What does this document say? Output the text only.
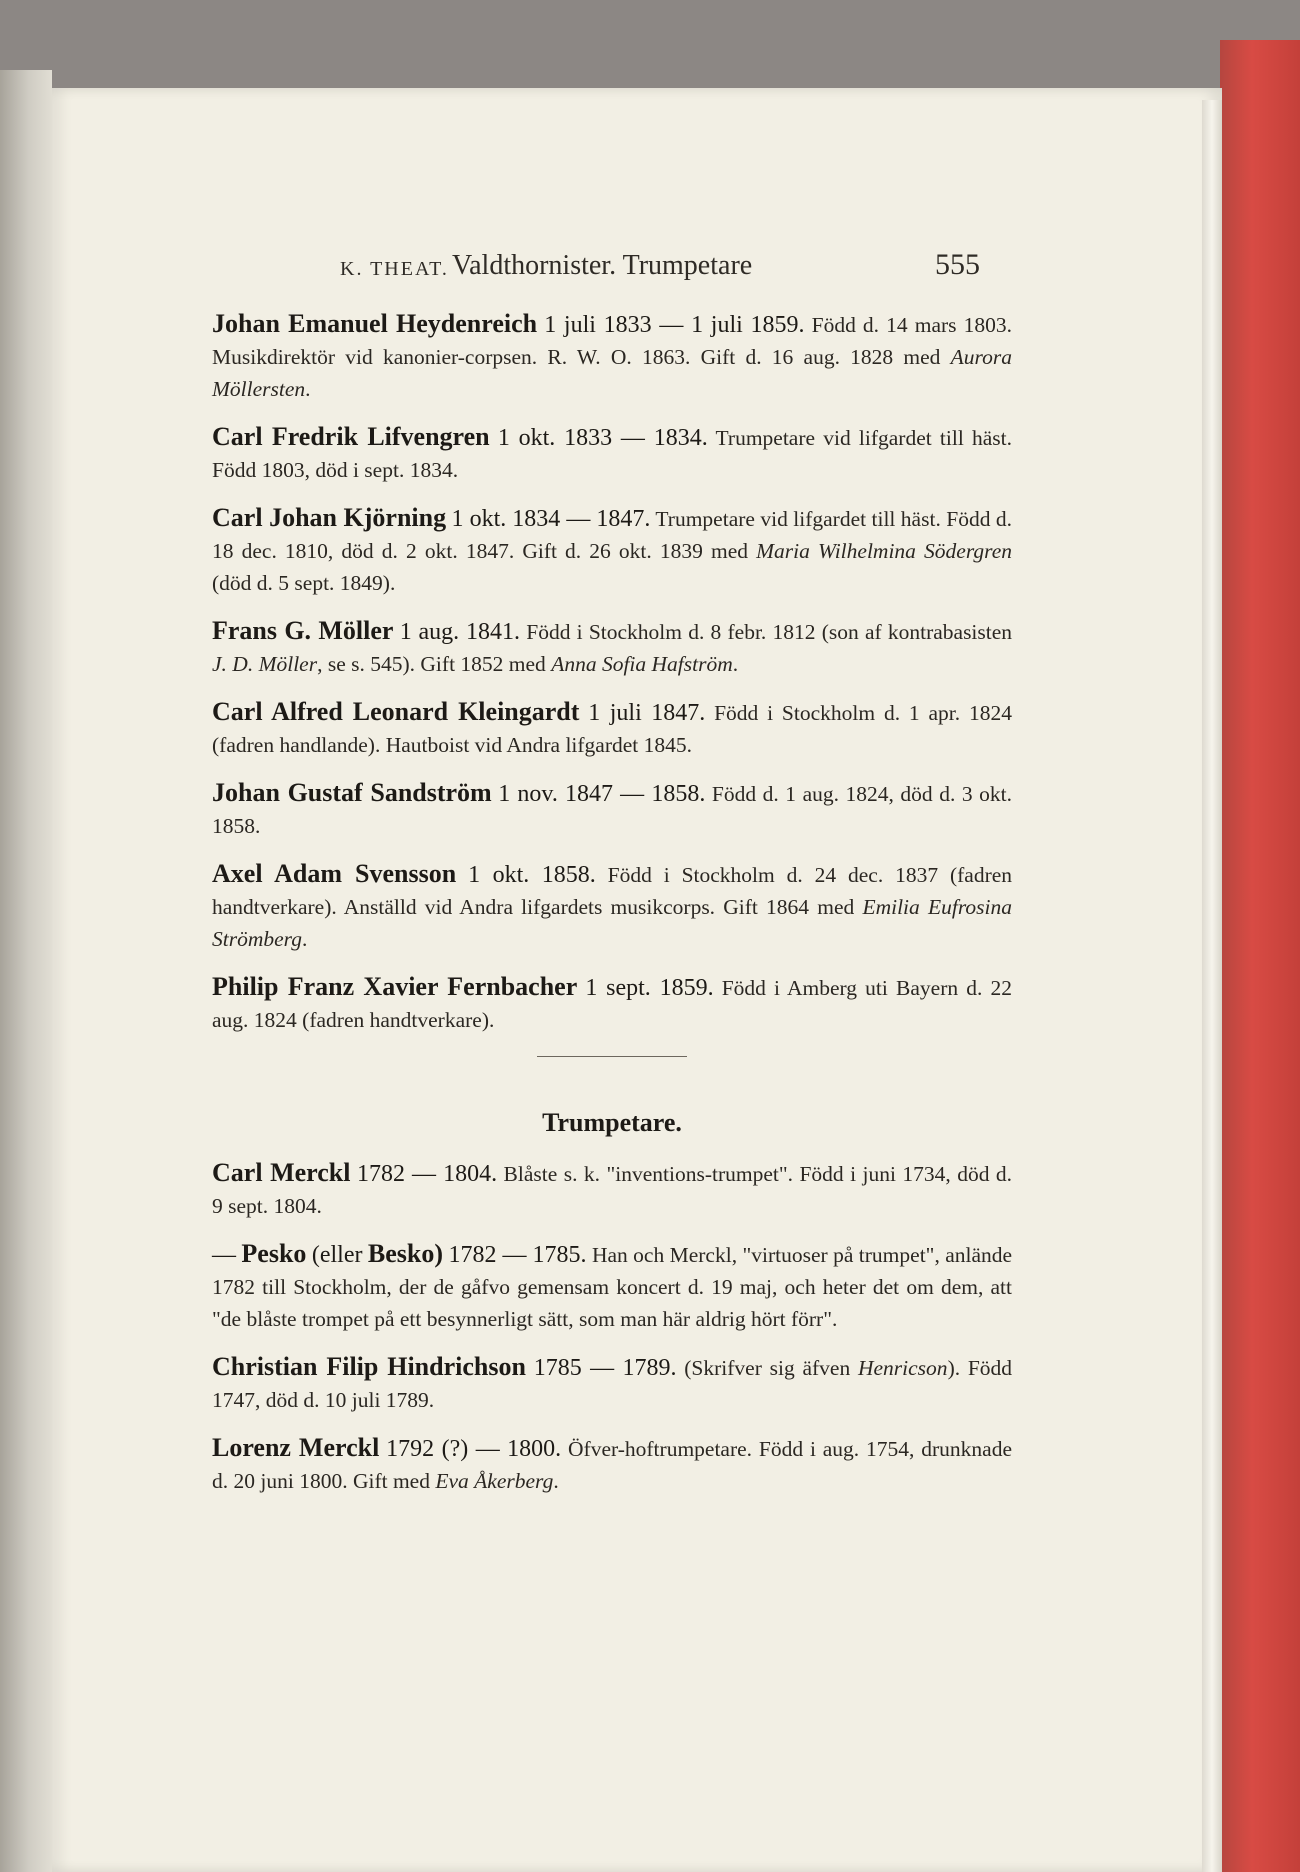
K. THEAT. Valdthornister. Trumpetare	555
Johan Emanuel Heydenreich 1 juli 1833 — 1 juli 1859. Född d. 14 mars 1803. Musikdirektör vid kanonier-corpsen. R. W. O. 1863. Gift d. 16 aug. 1828 med Aurora Möllersten.
Carl Fredrik Lifvengren 1 okt. 1833 — 1834. Trumpetare vid lifgardet till häst. Född 1803, död i sept. 1834.
Carl Johan Kjörning 1 okt. 1834 — 1847. Trumpetare vid lifgardet till häst. Född d. 18 dec. 1810, död d. 2 okt. 1847. Gift d. 26 okt. 1839 med Maria Wilhelmina Södergren (död d. 5 sept. 1849).
Frans G. Möller 1 aug. 1841. Född i Stockholm d. 8 febr. 1812 (son af kontrabasisten J. D. Möller, se s. 545). Gift 1852 med Anna Sofia Hafström.
Carl Alfred Leonard Kleingardt 1 juli 1847. Född i Stockholm d. 1 apr. 1824 (fadren handlande). Hautboist vid Andra lifgardet 1845.
Johan Gustaf Sandström 1 nov. 1847 — 1858. Född d. 1 aug. 1824, död d. 3 okt. 1858.
Axel Adam Svensson 1 okt. 1858. Född i Stockholm d. 24 dec. 1837 (fadren handtverkare). Anställd vid Andra lifgardets musikcorps. Gift 1864 med Emilia Eufrosina Strömberg.
Philip Franz Xavier Fernbacher 1 sept. 1859. Född i Amberg uti Bayern d. 22 aug. 1824 (fadren handtverkare).
Trumpetare.
Carl Merckl 1782 — 1804. Blåste s. k. "inventions-trumpet". Född i juni 1734, död d. 9 sept. 1804.
— Pesko (eller Besko) 1782 — 1785. Han och Merckl, "virtuoser på trumpet", anlände 1782 till Stockholm, der de gåfvo gemensam koncert d. 19 maj, och heter det om dem, att "de blåste trompet på ett besynnerligt sätt, som man här aldrig hört förr".
Christian Filip Hindrichson 1785 — 1789. (Skrifver sig äfven Henricson). Född 1747, död d. 10 juli 1789.
Lorenz Merckl 1792 (?) — 1800. Öfver-hoftrumpetare. Född i aug. 1754, drunknade d. 20 juni 1800. Gift med Eva Åkerberg.
